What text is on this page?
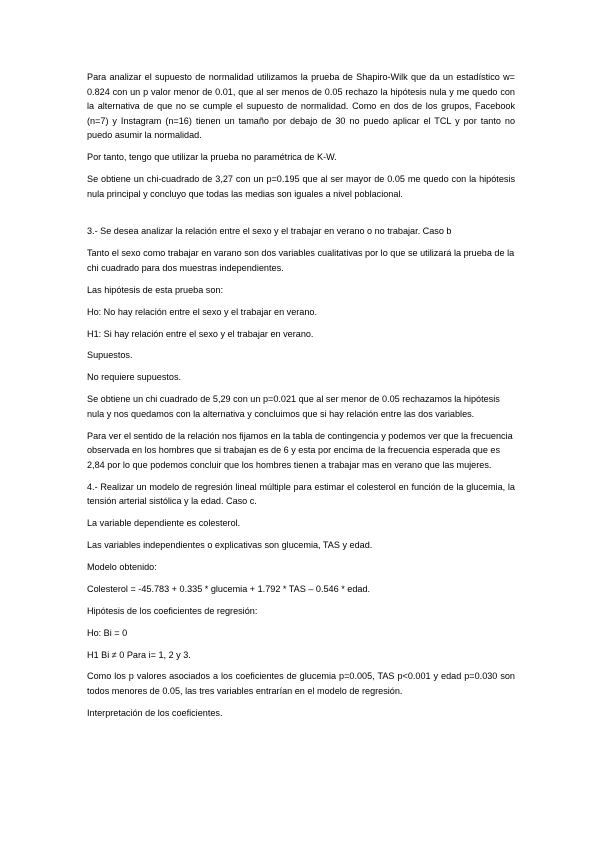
Para analizar el supuesto de normalidad utilizamos la prueba de Shapiro-Wilk que da un estadístico w= 0.824 con un p valor menor de 0.01, que al ser menos de 0.05 rechazo la hipótesis nula y me quedo con la alternativa de que no se cumple el supuesto de normalidad. Como en dos de los grupos, Facebook (n=7) y Instagram (n=16) tienen un tamaño por debajo de 30 no puedo aplicar el TCL y por tanto no puedo asumir la normalidad.

Por tanto, tengo que utilizar la prueba no paramétrica de K-W.

Se obtiene un chi-cuadrado de 3,27 con un p=0.195 que al ser mayor de 0.05 me quedo con la hipótesis nula principal y concluyo que todas las medias son iguales a nivel poblacional.

3.- Se desea analizar la relación entre el sexo y el trabajar en verano o no trabajar. Caso b

Tanto el sexo como trabajar en varano son dos variables cualitativas por lo que se utilizará la prueba de la chi cuadrado para dos muestras independientes.

Las hipótesis de esta prueba son:

Ho: No hay relación entre el sexo y el trabajar en verano.

H1: Si hay relación entre el sexo y el trabajar en verano.

Supuestos.

No requiere supuestos.

Se obtiene un chi cuadrado de 5,29 con un p=0.021 que al ser menor de 0.05 rechazamos la hipótesis nula y nos quedamos con la alternativa y concluimos que si hay relación entre las dos variables.

Para ver el sentido de la relación nos fijamos en la tabla de contingencia y podemos ver que la frecuencia observada en los hombres que si trabajan es de 6 y esta por encima de la frecuencia esperada que es 2,84 por lo que podemos concluir que los hombres tienen a trabajar mas en verano que las mujeres.

4.- Realizar un modelo de regresión lineal múltiple para estimar el colesterol en función de la glucemia, la tensión arterial sistólica y la edad. Caso c.

La variable dependiente es colesterol.

Las variables independientes o explicativas son glucemia, TAS y edad.

Modelo obtenido:

Colesterol = -45.783 + 0.335 * glucemia + 1.792 * TAS – 0.546 * edad.

Hipótesis de los coeficientes de regresión:

Ho: Bi = 0

H1 Bi ≠ 0 Para i= 1, 2 y 3.

Como los p valores asociados a los coeficientes de glucemia p=0.005, TAS p<0.001 y edad p=0.030 son todos menores de 0.05, las tres variables entrarían en el modelo de regresión.

Interpretación de los coeficientes.
